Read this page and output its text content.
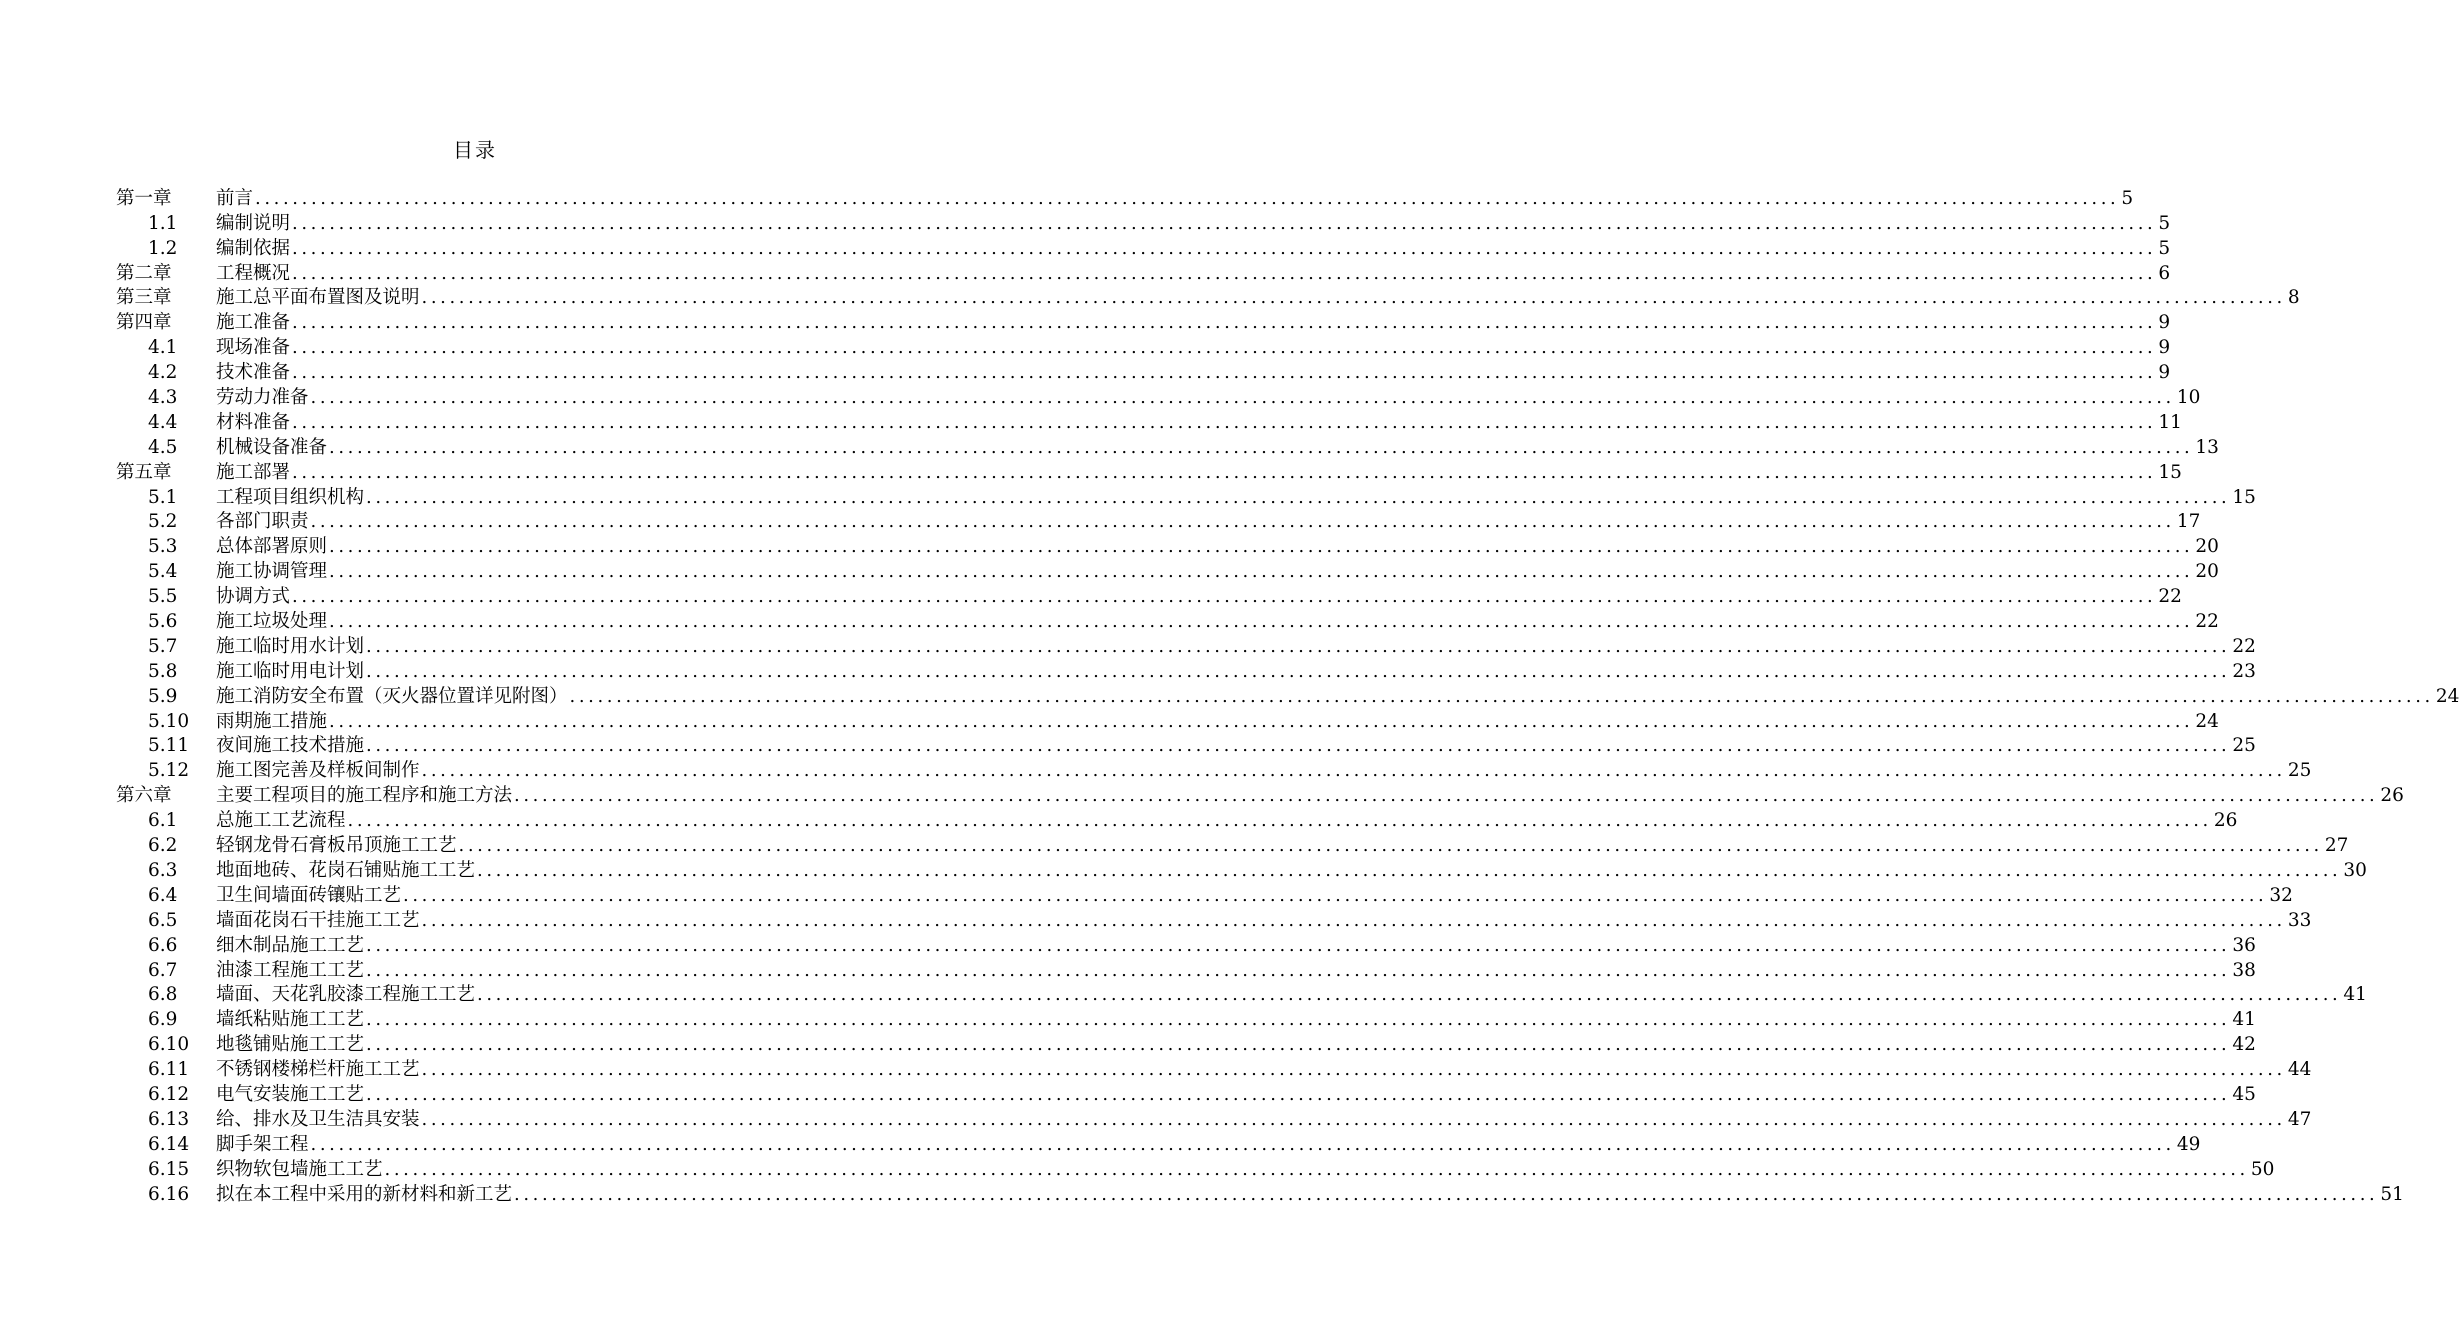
目录
第一章	前言 ........................................................................................................................................................................................................ 5
1.1	编制说明 ........................................................................................................................................................................................................ 5
1.2	编制依据 ........................................................................................................................................................................................................ 5
第二章	工程概况 ........................................................................................................................................................................................................ 6
第三章	施工总平面布置图及说明 ........................................................................................................................................................................................................ 8
第四章	施工准备 ........................................................................................................................................................................................................ 9
4.1	现场准备 ........................................................................................................................................................................................................ 9
4.2	技术准备 ........................................................................................................................................................................................................ 9
4.3	劳动力准备 ........................................................................................................................................................................................................ 10
4.4	材料准备 ........................................................................................................................................................................................................ 11
4.5	机械设备准备 ........................................................................................................................................................................................................ 13
第五章	施工部署 ........................................................................................................................................................................................................ 15
5.1	工程项目组织机构 ........................................................................................................................................................................................................ 15
5.2	各部门职责 ........................................................................................................................................................................................................ 17
5.3	总体部署原则 ........................................................................................................................................................................................................ 20
5.4	施工协调管理 ........................................................................................................................................................................................................ 20
5.5	协调方式 ........................................................................................................................................................................................................ 22
5.6	施工垃圾处理 ........................................................................................................................................................................................................ 22
5.7	施工临时用水计划 ........................................................................................................................................................................................................ 22
5.8	施工临时用电计划 ........................................................................................................................................................................................................ 23
5.9	施工消防安全布置（灭火器位置详见附图） ........................................................................................................................................................................................................ 24
5.10	雨期施工措施 ........................................................................................................................................................................................................ 24
5.11	夜间施工技术措施 ........................................................................................................................................................................................................ 25
5.12	施工图完善及样板间制作 ........................................................................................................................................................................................................ 25
第六章	主要工程项目的施工程序和施工方法 ........................................................................................................................................................................................................ 26
6.1	总施工工艺流程 ........................................................................................................................................................................................................ 26
6.2	轻钢龙骨石膏板吊顶施工工艺 ........................................................................................................................................................................................................ 27
6.3	地面地砖、花岗石铺贴施工工艺 ........................................................................................................................................................................................................ 30
6.4	卫生间墙面砖镶贴工艺 ........................................................................................................................................................................................................ 32
6.5	墙面花岗石干挂施工工艺 ........................................................................................................................................................................................................ 33
6.6	细木制品施工工艺 ........................................................................................................................................................................................................ 36
6.7	油漆工程施工工艺 ........................................................................................................................................................................................................ 38
6.8	墙面、天花乳胶漆工程施工工艺 ........................................................................................................................................................................................................ 41
6.9	墙纸粘贴施工工艺 ........................................................................................................................................................................................................ 41
6.10	地毯铺贴施工工艺 ........................................................................................................................................................................................................ 42
6.11	不锈钢楼梯栏杆施工工艺 ........................................................................................................................................................................................................ 44
6.12	电气安装施工工艺 ........................................................................................................................................................................................................ 45
6.13	给、排水及卫生洁具安装 ........................................................................................................................................................................................................ 47
6.14	脚手架工程 ........................................................................................................................................................................................................ 49
6.15	织物软包墙施工工艺 ........................................................................................................................................................................................................ 50
6.16	拟在本工程中采用的新材料和新工艺 ........................................................................................................................................................................................................ 51
